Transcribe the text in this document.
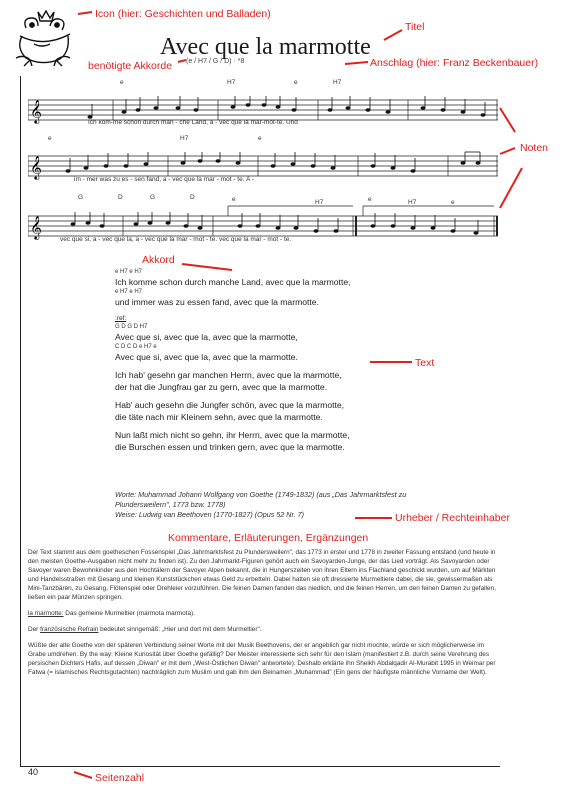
Icon (hier: Geschichten und Balladen)
Titel
benötigte Akkorde	Anschlag (hier: Franz Beckenbauer)
Noten
Akkord
Text
Urheber / Rechteinhaber
Kommentare, Erläuterungen, Ergänzungen
Seitenzahl
Avec que la marmotte
(e / H7 / G / D) · *8
e	H7	e	H7
𝄞	Ich kom-me schon durch man - che Land, a - vec que la mar-mot-te. Und
e	H7	e
𝄞
im - mer was zu es - sen fand, a - vec que la mar - mot - te. A -
G	D	G	D	e	H7	e	H7	e
𝄞
vec que si, a - vec que la, a - vec que la mar - mot - te. vec que la mar - mot - te.
e H7 e H7
Ich komme schon durch manche Land, avec que la marmotte,
e H7 e H7
und immer was zu essen fand, avec que la marmotte.
:ref:
G D G D H7
Avec que si, avec que la, avec que la marmotte,
C D C D e H7 e
Avec que si, avec que la, avec que la marmotte.
Ich hab' gesehn gar manchen Herrn, avec que la marmotte,
der hat die Jungfrau gar zu gern, avec que la marmotte.
Hab' auch gesehn die Jungfer schön, avec que la marmotte,
die täte nach mir Kleinem sehn, avec que la marmotte.
Nun laßt mich nicht so gehn, ihr Herrn, avec que la marmotte,
die Burschen essen und trinken gern, avec que la marmotte.
Worte: Muhammad Johann Wolfgang von Goethe (1749-1832) (aus „Das Jahrmarktsfest zu
Plundersweilern", 1773 bzw. 1778)
Weise: Ludwig van Beethoven (1770-1827) (Opus 52 Nr. 7)

Der Text stammt aus dem goetheschen Fossenspiel „Das Jahrmarktsfest zu Plundersweilern", das 1773 in erster und 1778 in zweiter Fassung entstand (und heute in den meisten Goethe-Ausgaben nicht mehr zu finden ist). Zu den Jahrmarkt-Figuren gehört auch ein Savoyarden-Junge, der das Lied vorträgt. Als Savoyarden oder Savoyer waren Bewohnkinder aus den Hochtälern der Savoyer Alpen bekannt, die in Hungerszeiten von ihren Eltern ins Flachland geschickt wurden, um auf Märkten und Handelsstraßen mit Gesang und kleinen Kunststückchen etwas Geld zu erbetteln. Dabei hatten sie oft dressierte Murmeltiere dabei, die sie, gewissermaßen als Mini-Tanzbären, zu Gesang, Flötenspiel oder Drehleier vorzuführen. Die feinen Damen fanden das niedlich, und die feinen Herren, um den feinen Damen zu gefallen, ließen ein paar Münzen springen.

la marmotte: Das gemeine Murmeltier (marmota marmota).

Der französische Refrain bedeutet sinngemäß: „Hier und dort mit dem Murmeltier".

Wüßte der alte Goethe von der späteren Verbindung seiner Worte mit der Musik Beethovens, der er angeblich gar nicht mochte, würde er sich möglicherweise im Grabe umdrehen. By the way: Kleine Kuriosität über Goethe gefällig? Der Meister interessierte sich sehr für den Islam (manifestiert z.B. durch seine Verehrung des persischen Dichters Hafis, auf dessen „Diwan" er mit dem „West-Östlichen Diwan" antwortete). Deshalb erklärte ihn Sheikh Abdalqadir Al-Murabit 1995 in Weimar per Fatwa (= islamisches Rechtsgutachten) nachträglich zum Muslim und gab ihm den Beinamen „Muhammad" (Ein gens der häufigste männliche Vorname der Welt).

40
